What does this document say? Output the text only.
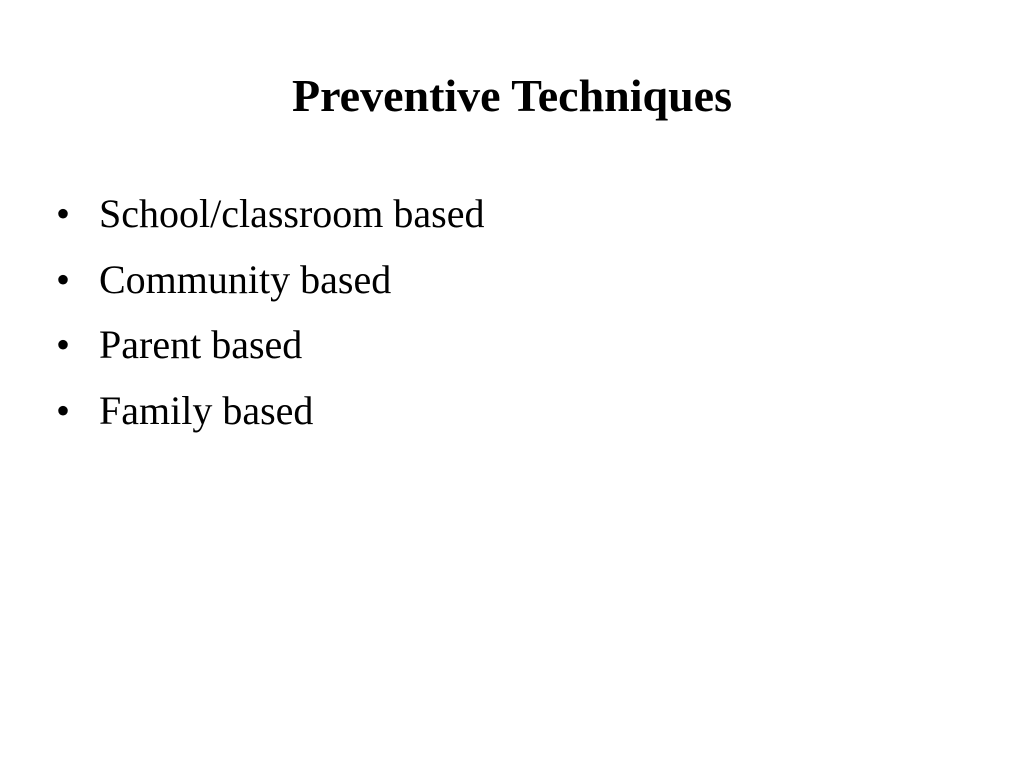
Preventive Techniques
• School/classroom based
• Community based
• Parent based
• Family based
